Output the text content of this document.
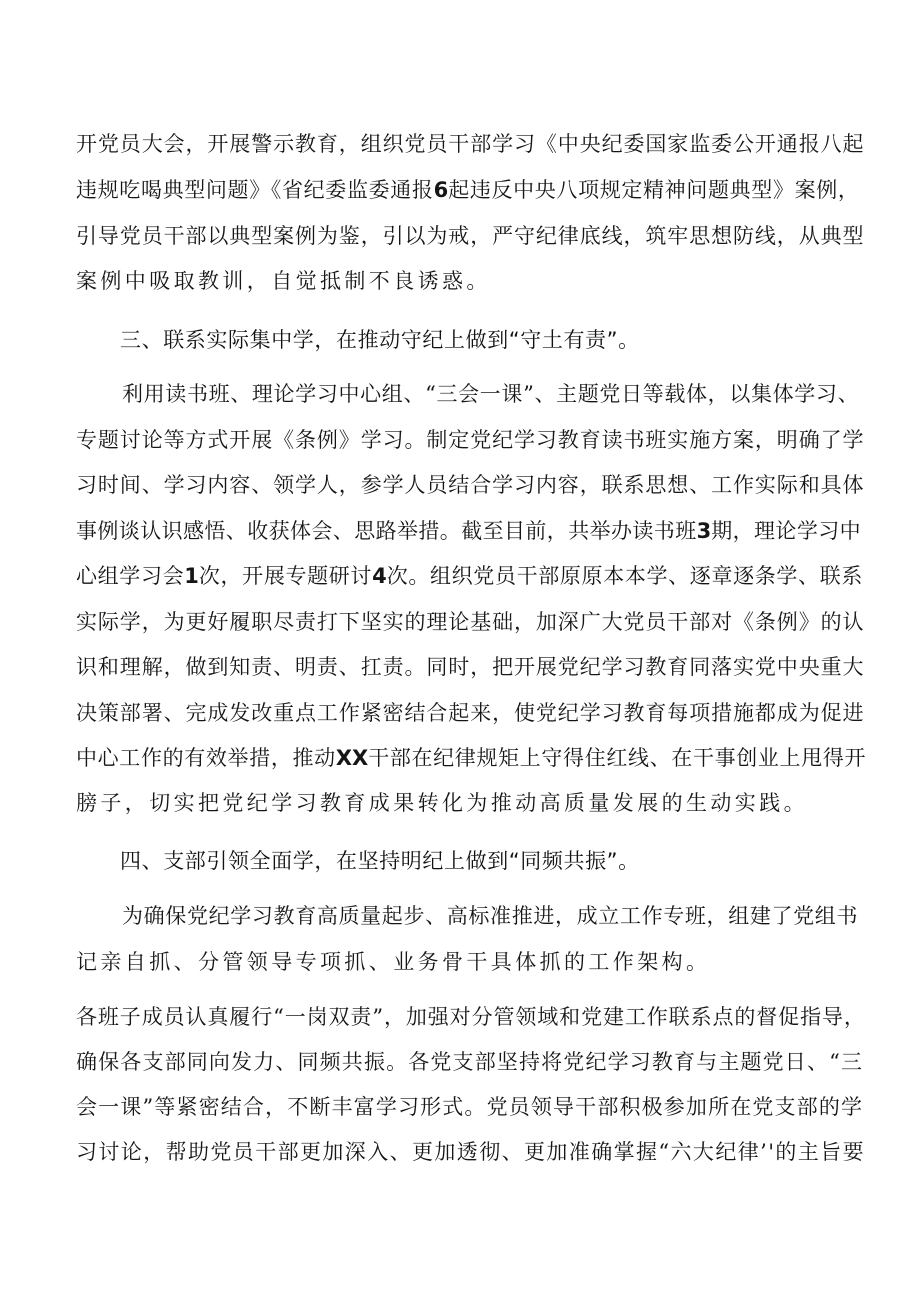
开党员大会，开展警示教育，组织党员干部学习《中央纪委国家监委公开通报八起
违规吃喝典型问题》《省纪委监委通报6起违反中央八项规定精神问题典型》案例，
引导党员干部以典型案例为鉴，引以为戒，严守纪律底线，筑牢思想防线，从典型
案例中吸取教训，自觉抵制不良诱惑。
三、联系实际集中学，在推动守纪上做到“守土有责”。
利用读书班、理论学习中心组、“三会一课”、主题党日等载体，以集体学习、
专题讨论等方式开展《条例》学习。制定党纪学习教育读书班实施方案，明确了学
习时间、学习内容、领学人，参学人员结合学习内容，联系思想、工作实际和具体
事例谈认识感悟、收获体会、思路举措。截至目前，共举办读书班3期，理论学习中
心组学习会1次，开展专题研讨4次。组织党员干部原原本本学、逐章逐条学、联系
实际学，为更好履职尽责打下坚实的理论基础，加深广大党员干部对《条例》的认
识和理解，做到知责、明责、扛责。同时，把开展党纪学习教育同落实党中央重大
决策部署、完成发改重点工作紧密结合起来，使党纪学习教育每项措施都成为促进
中心工作的有效举措，推动XX干部在纪律规矩上守得住红线、在干事创业上甩得开
膀子，切实把党纪学习教育成果转化为推动高质量发展的生动实践。
四、支部引领全面学，在坚持明纪上做到“同频共振”。
为确保党纪学习教育高质量起步、高标准推进，成立工作专班，组建了党组书
记亲自抓、分管领导专项抓、业务骨干具体抓的工作架构。
各班子成员认真履行“一岗双责”，加强对分管领域和党建工作联系点的督促指导，
确保各支部同向发力、同频共振。各党支部坚持将党纪学习教育与主题党日、“三
会一课”等紧密结合，不断丰富学习形式。党员领导干部积极参加所在党支部的学
习讨论，帮助党员干部更加深入、更加透彻、更加准确掌握“六大纪律’'的主旨要
